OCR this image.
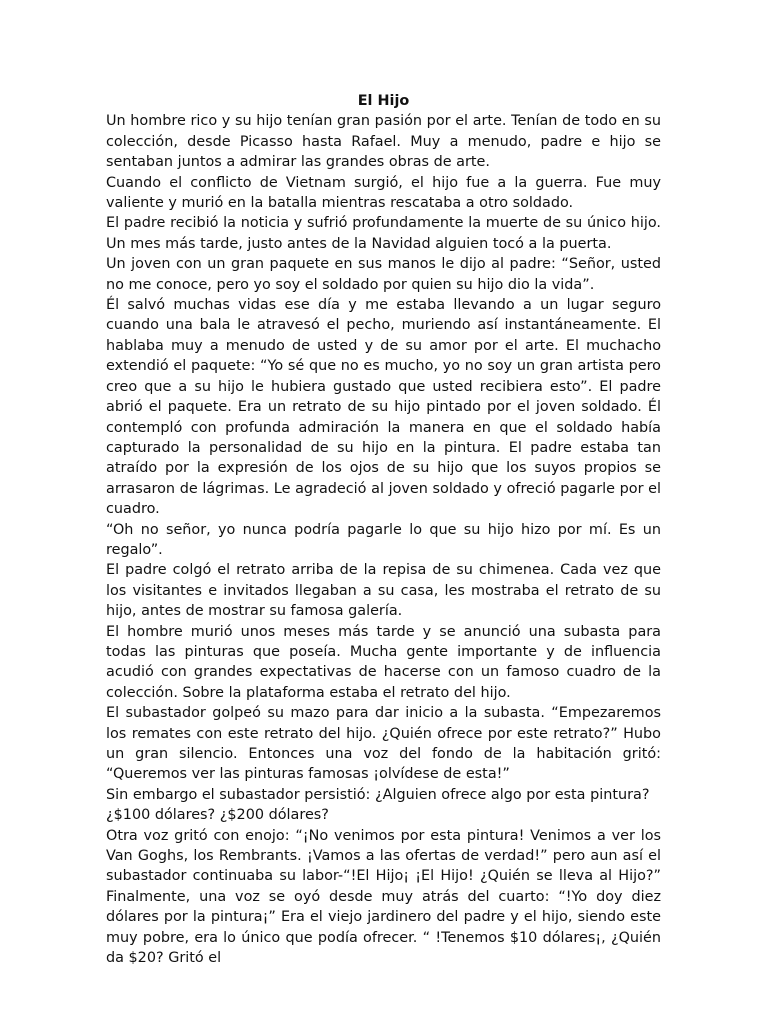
El Hijo

Un hombre rico y su hijo tenían gran pasión por el arte. Tenían de todo en su colección, desde Picasso hasta Rafael. Muy a menudo, padre e hijo se sentaban juntos a admirar las grandes obras de arte.

Cuando el conflicto de Vietnam surgió, el hijo fue a la guerra. Fue muy valiente y murió en la batalla mientras rescataba a otro soldado.

El padre recibió la noticia y sufrió profundamente la muerte de su único hijo. Un mes más tarde, justo antes de la Navidad alguien tocó a la puerta.

Un joven con un gran paquete en sus manos le dijo al padre: “Señor, usted no me conoce, pero yo soy el soldado por quien su hijo dio la vida”.

Él salvó muchas vidas ese día y me estaba llevando a un lugar seguro cuando una bala le atravesó el pecho, muriendo así instantáneamente. El hablaba muy a menudo de usted y de su amor por el arte. El muchacho extendió el paquete: “Yo sé que no es mucho, yo no soy un gran artista pero creo que a su hijo le hubiera gustado que usted recibiera esto”. El padre abrió el paquete. Era un retrato de su hijo pintado por el joven soldado. Él contempló con profunda admiración la manera en que el soldado había capturado la personalidad de su hijo en la pintura. El padre estaba tan atraído por la expresión de los ojos de su hijo que los suyos propios se arrasaron de lágrimas. Le agradeció al joven soldado y ofreció pagarle por el cuadro.

“Oh no señor, yo nunca podría pagarle lo que su hijo hizo por mí. Es un regalo”.

El padre colgó el retrato arriba de la repisa de su chimenea. Cada vez que los visitantes e invitados llegaban a su casa, les mostraba el retrato de su hijo, antes de mostrar su famosa galería.

El hombre murió unos meses más tarde y se anunció una subasta para todas las pinturas que poseía. Mucha gente importante y de influencia acudió con grandes expectativas de hacerse con un famoso cuadro de la colección. Sobre la plataforma estaba el retrato del hijo.

El subastador golpeó su mazo para dar inicio a la subasta. “Empezaremos los remates con este retrato del hijo. ¿Quién ofrece por este retrato?” Hubo un gran silencio. Entonces una voz del fondo de la habitación gritó: “Queremos ver las pinturas famosas ¡olvídese de esta!”

Sin embargo el subastador persistió: ¿Alguien ofrece algo por esta pintura?

¿$100 dólares? ¿$200 dólares?

Otra voz gritó con enojo: “¡No venimos por esta pintura! Venimos a ver los Van Goghs, los Rembrants. ¡Vamos a las ofertas de verdad!” pero aun así el subastador continuaba su labor-“!El Hijo¡ ¡El Hijo! ¿Quién se lleva al Hijo?” Finalmente, una voz se oyó desde muy atrás del cuarto: “!Yo doy diez dólares por la pintura¡” Era el viejo jardinero del padre y el hijo, siendo este muy pobre, era lo único que podía ofrecer. “ !Tenemos $10 dólares¡, ¿Quién da $20? Gritó el
